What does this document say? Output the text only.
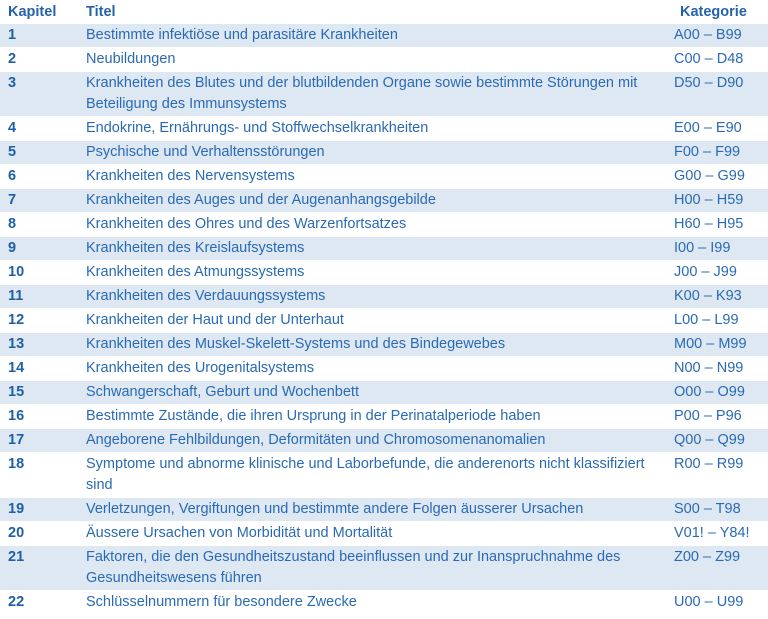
Kapitel	Titel	Kategorie
1	Bestimmte infektiöse und parasitäre Krankheiten	A00 – B99
2	Neubildungen	C00 – D48
3	Krankheiten des Blutes und der blutbildenden Organe sowie bestimmte Störungen mit Beteiligung des Immunsystems	D50 – D90
4	Endokrine, Ernährungs- und Stoffwechselkrankheiten	E00 – E90
5	Psychische und Verhaltensstörungen	F00 – F99
6	Krankheiten des Nervensystems	G00 – G99
7	Krankheiten des Auges und der Augenanhangsgebilde	H00 – H59
8	Krankheiten des Ohres und des Warzenfortsatzes	H60 – H95
9	Krankheiten des Kreislaufsystems	I00 – I99
10	Krankheiten des Atmungssystems	J00 – J99
11	Krankheiten des Verdauungssystems	K00 – K93
12	Krankheiten der Haut und der Unterhaut	L00 – L99
13	Krankheiten des Muskel-Skelett-Systems und des Bindegewebes	M00 – M99
14	Krankheiten des Urogenitalsystems	N00 – N99
15	Schwangerschaft, Geburt und Wochenbett	O00 – O99
16	Bestimmte Zustände, die ihren Ursprung in der Perinatalperiode haben	P00 – P96
17	Angeborene Fehlbildungen, Deformitäten und Chromosomenanomalien	Q00 – Q99
18	Symptome und abnorme klinische und Laborbefunde, die anderenorts nicht klassifiziert sind	R00 – R99
19	Verletzungen, Vergiftungen und bestimmte andere Folgen äusserer Ursachen	S00 – T98
20	Äussere Ursachen von Morbidität und Mortalität	V01! – Y84!
21	Faktoren, die den Gesundheitszustand beeinflussen und zur Inanspruchnahme des Gesundheitswesens führen	Z00 – Z99
22	Schlüsselnummern für besondere Zwecke	U00 – U99
